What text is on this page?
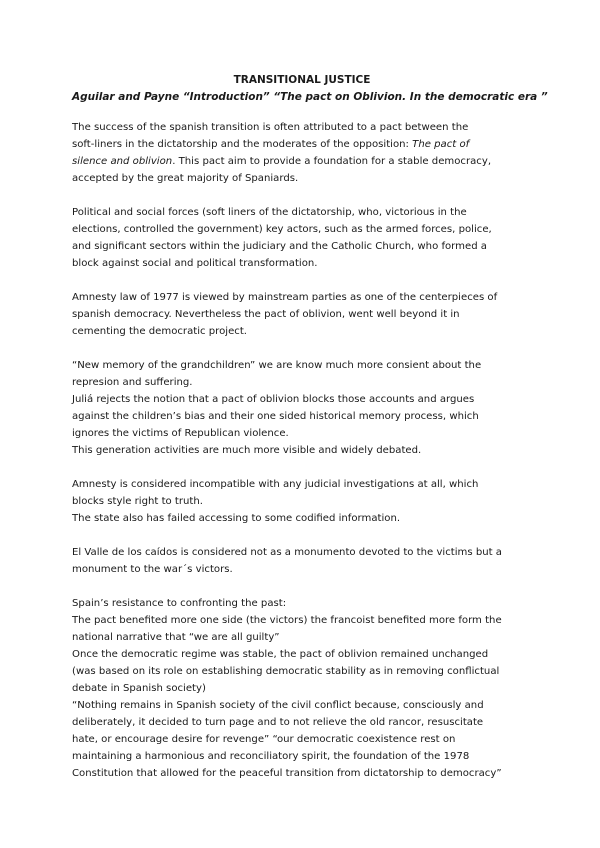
TRANSITIONAL JUSTICE

Aguilar and Payne “Introduction” “The pact on Oblivion. In the democratic era ”

The success of the spanish transition is often attributed to a pact between the
soft-liners in the dictatorship and the moderates of the opposition: The pact of
silence and oblivion. This pact aim to provide a foundation for a stable democracy,
accepted by the great majority of Spaniards.

Political and social forces (soft liners of the dictatorship, who, victorious in the
elections, controlled the government) key actors, such as the armed forces, police,
and significant sectors within the judiciary and the Catholic Church, who formed a
block against social and political transformation.

Amnesty law of 1977 is viewed by mainstream parties as one of the centerpieces of
spanish democracy. Nevertheless the pact of oblivion, went well beyond it in
cementing the democratic project.

“New memory of the grandchildren” we are know much more consient about the
represion and suffering.
Juliá rejects the notion that a pact of oblivion blocks those accounts and argues
against the children’s bias and their one sided historical memory process, which
ignores the victims of Republican violence.
This generation activities are much more visible and widely debated.

Amnesty is considered incompatible with any judicial investigations at all, which
blocks style right to truth.
The state also has failed accessing to some codified information.

El Valle de los caídos is considered not as a monumento devoted to the victims but a
monument to the war´s victors.

Spain’s resistance to confronting the past:
The pact benefited more one side (the victors) the francoist benefited more form the
national narrative that “we are all guilty”
Once the democratic regime was stable, the pact of oblivion remained unchanged
(was based on its role on establishing democratic stability as in removing conflictual
debate in Spanish society)
“Nothing remains in Spanish society of the civil conflict because, consciously and
deliberately, it decided to turn page and to not relieve the old rancor, resuscitate
hate, or encourage desire for revenge” “our democratic coexistence rest on
maintaining a harmonious and reconciliatory spirit, the foundation of the 1978
Constitution that allowed for the peaceful transition from dictatorship to democracy”
